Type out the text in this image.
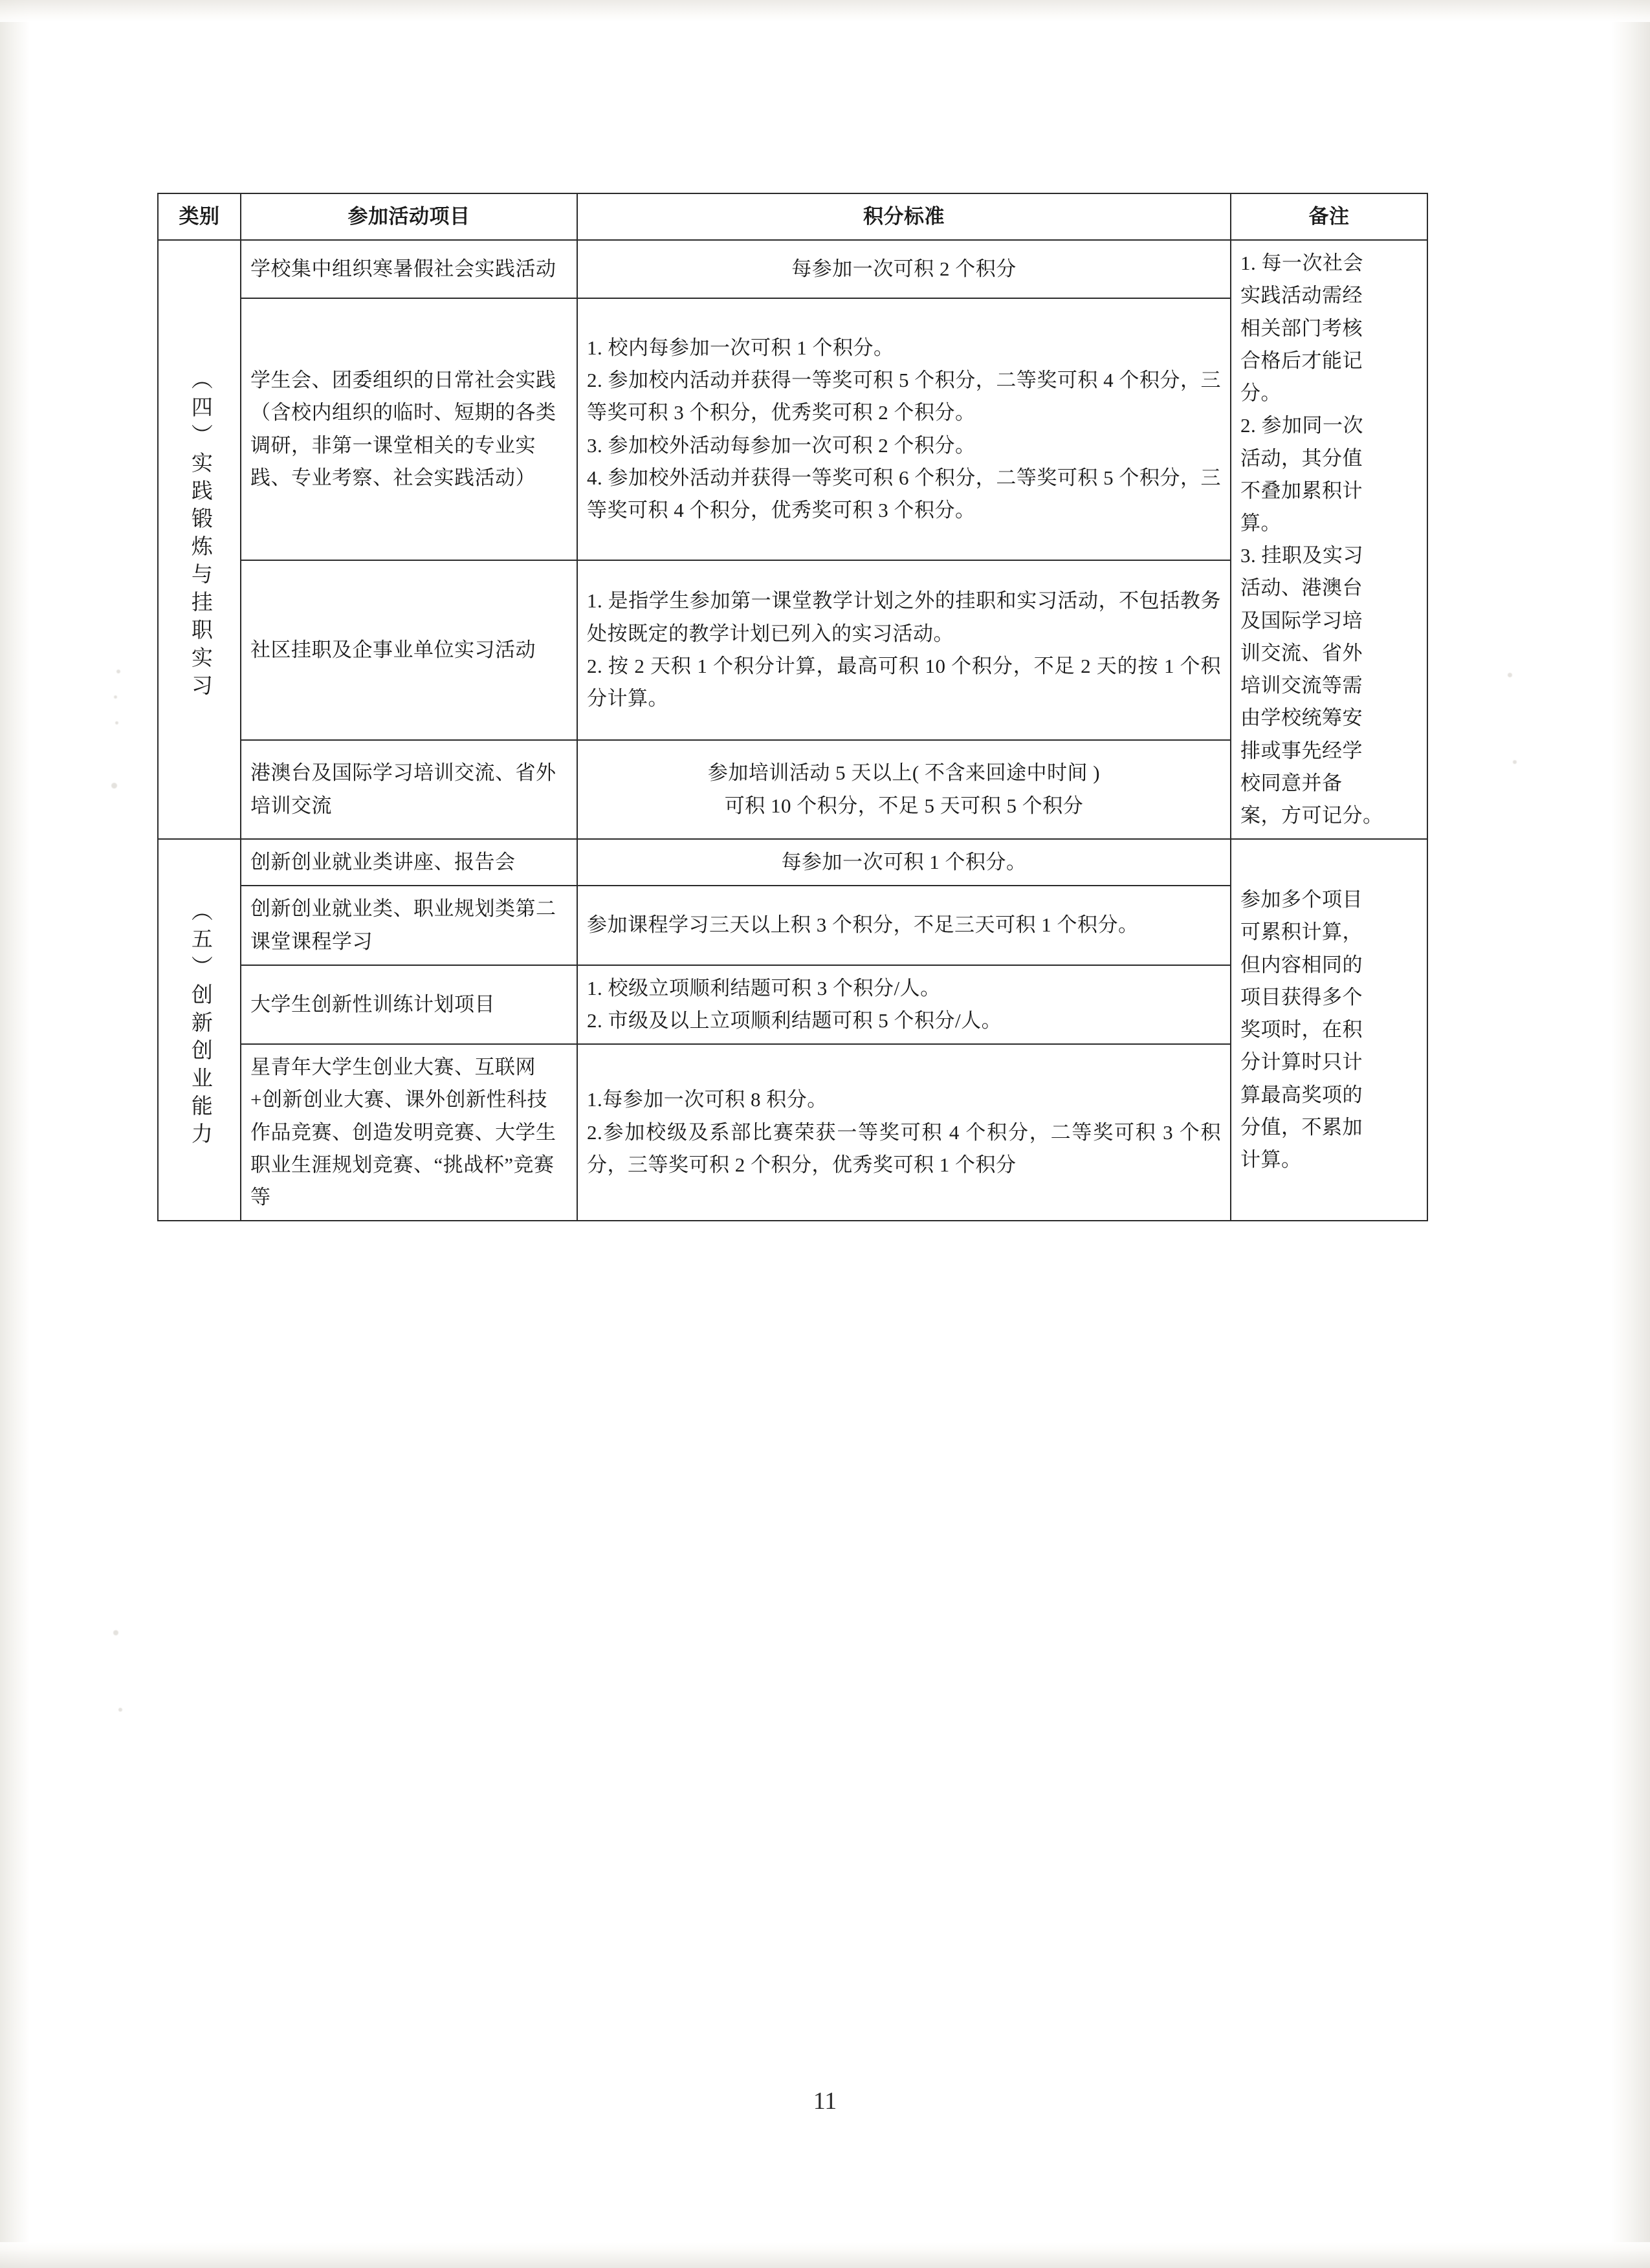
类别	参加活动项目	积分标准	备注
（四）实践锻炼与挂职实习	学校集中组织寒暑假社会实践活动	每参加一次可积 2 个积分	1. 每一次社会

实践活动需经

相关部门考核

合格后才能记

分。

2. 参加同一次

活动，其分值

不叠加累积计

算。

3. 挂职及实习

活动、港澳台

及国际学习培

训交流、省外

培训交流等需

由学校统筹安

排或事先经学

校同意并备

案，方可记分。

	学生会、团委组织的日常社会实践（含校内组织的临时、短期的各类调研，非第一课堂相关的专业实践、专业考察、社会实践活动）	1. 校内每参加一次可积 1 个积分。

2. 参加校内活动并获得一等奖可积 5 个积分，二等奖可积 4 个积分，三等奖可积 3 个积分，优秀奖可积 2 个积分。

3. 参加校外活动每参加一次可积 2 个积分。

4. 参加校外活动并获得一等奖可积 6 个积分，二等奖可积 5 个积分，三等奖可积 4 个积分，优秀奖可积 3 个积分。	

	社区挂职及企事业单位实习活动	1. 是指学生参加第一课堂教学计划之外的挂职和实习活动，不包括教务处按既定的教学计划已列入的实习活动。

2. 按 2 天积 1 个积分计算，最高可积 10 个积分，不足 2 天的按 1 个积分计算。	

	港澳台及国际学习培训交流、省外培训交流	参加培训活动 5 天以上( 不含来回途中时间 )

可积 10 个积分，不足 5 天可积 5 个积分	

（五）创新创业能力	创新创业就业类讲座、报告会	每参加一次可积 1 个积分。

参加多个项目

可累积计算，

但内容相同的

项目获得多个

奖项时，在积

分计算时只计

算最高奖项的

分值，不累加

计算。

	创新创业就业类、职业规划类第二课堂课程学习	参加课程学习三天以上积 3 个积分，不足三天可积 1 个积分。	

	大学生创新性训练计划项目	1. 校级立项顺利结题可积 3 个积分/人。

2. 市级及以上立项顺利结题可积 5 个积分/人。	

	星青年大学生创业大赛、互联网+创新创业大赛、课外创新性科技作品竞赛、创造发明竞赛、大学生职业生涯规划竞赛、“挑战杯”竞赛等	1.每参加一次可积 8 积分。

2.参加校级及系部比赛荣获一等奖可积 4 个积分，二等奖可积 3 个积分，三等奖可积 2 个积分，优秀奖可积 1 个积分	

11
